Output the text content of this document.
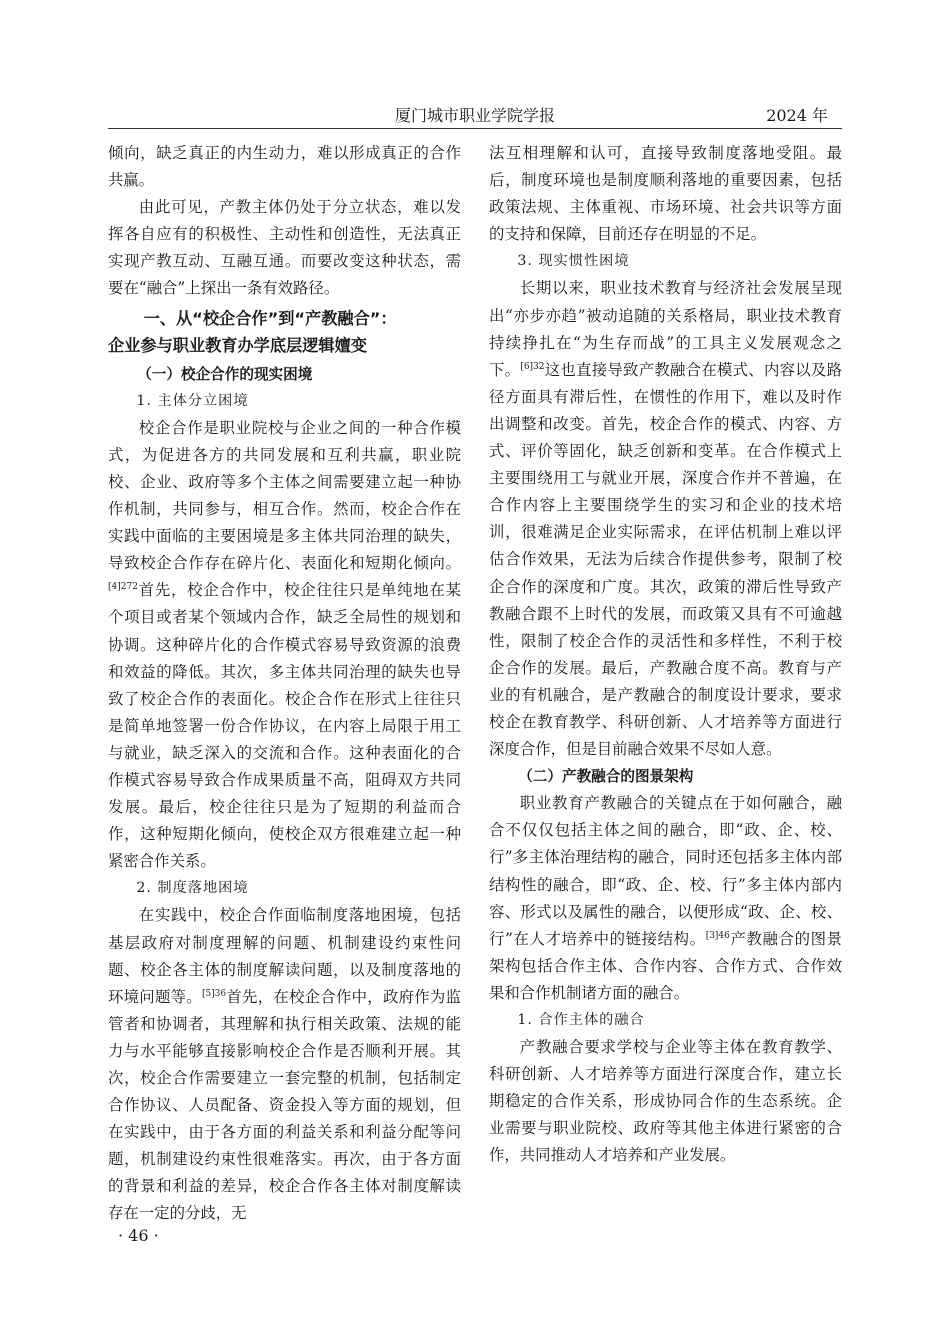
厦门城市职业学院学报	2024 年

倾向，缺乏真正的内生动力，难以形成真正的合作共赢。

由此可见，产教主体仍处于分立状态，难以发挥各自应有的积极性、主动性和创造性，无法真正实现产教互动、互融互通。而要改变这种状态，需要在“融合”上探出一条有效路径。

一、从“校企合作”到“产教融合”：
企业参与职业教育办学底层逻辑嬗变

（一）校企合作的现实困境

1. 主体分立困境

校企合作是职业院校与企业之间的一种合作模式，为促进各方的共同发展和互利共赢，职业院校、企业、政府等多个主体之间需要建立起一种协作机制，共同参与，相互合作。然而，校企合作在实践中面临的主要困境是多主体共同治理的缺失，导致校企合作存在碎片化、表面化和短期化倾向。$^{[4]272}$首先，校企合作中，校企往往只是单纯地在某个项目或者某个领域内合作，缺乏全局性的规划和协调。这种碎片化的合作模式容易导致资源的浪费和效益的降低。其次，多主体共同治理的缺失也导致了校企合作的表面化。校企合作在形式上往往只是简单地签署一份合作协议，在内容上局限于用工与就业，缺乏深入的交流和合作。这种表面化的合作模式容易导致合作成果质量不高，阻碍双方共同发展。最后，校企往往只是为了短期的利益而合作，这种短期化倾向，使校企双方很难建立起一种紧密合作关系。

2. 制度落地困境

在实践中，校企合作面临制度落地困境，包括基层政府对制度理解的问题、机制建设约束性问题、校企各主体的制度解读问题，以及制度落地的环境问题等。$^{[5]36}$首先，在校企合作中，政府作为监管者和协调者，其理解和执行相关政策、法规的能力与水平能够直接影响校企合作是否顺利开展。其次，校企合作需要建立一套完整的机制，包括制定合作协议、人员配备、资金投入等方面的规划，但在实践中，由于各方面的利益关系和利益分配等问题，机制建设约束性很难落实。再次，由于各方面的背景和利益的差异，校企合作各主体对制度解读存在一定的分歧，无

法互相理解和认可，直接导致制度落地受阻。最后，制度环境也是制度顺利落地的重要因素，包括政策法规、主体重视、市场环境、社会共识等方面的支持和保障，目前还存在明显的不足。

3. 现实惯性困境

长期以来，职业技术教育与经济社会发展呈现出“亦步亦趋”被动追随的关系格局，职业技术教育持续挣扎在“为生存而战”的工具主义发展观念之下。$^{[6]32}$这也直接导致产教融合在模式、内容以及路径方面具有滞后性，在惯性的作用下，难以及时作出调整和改变。首先，校企合作的模式、内容、方式、评价等固化，缺乏创新和变革。在合作模式上主要围绕用工与就业开展，深度合作并不普遍，在合作内容上主要围绕学生的实习和企业的技术培训，很难满足企业实际需求，在评估机制上难以评估合作效果，无法为后续合作提供参考，限制了校企合作的深度和广度。其次，政策的滞后性导致产教融合跟不上时代的发展，而政策又具有不可逾越性，限制了校企合作的灵活性和多样性，不利于校企合作的发展。最后，产教融合度不高。教育与产业的有机融合，是产教融合的制度设计要求，要求校企在教育教学、科研创新、人才培养等方面进行深度合作，但是目前融合效果不尽如人意。

（二）产教融合的图景架构

职业教育产教融合的关键点在于如何融合，融合不仅仅包括主体之间的融合，即“政、企、校、行”多主体治理结构的融合，同时还包括多主体内部结构性的融合，即“政、企、校、行”多主体内部内容、形式以及属性的融合，以便形成“政、企、校、行”在人才培养中的链接结构。$^{[3]46}$产教融合的图景架构包括合作主体、合作内容、合作方式、合作效果和合作机制诸方面的融合。

1. 合作主体的融合

产教融合要求学校与企业等主体在教育教学、科研创新、人才培养等方面进行深度合作，建立长期稳定的合作关系，形成协同合作的生态系统。企业需要与职业院校、政府等其他主体进行紧密的合作，共同推动人才培养和产业发展。

· 46 ·
